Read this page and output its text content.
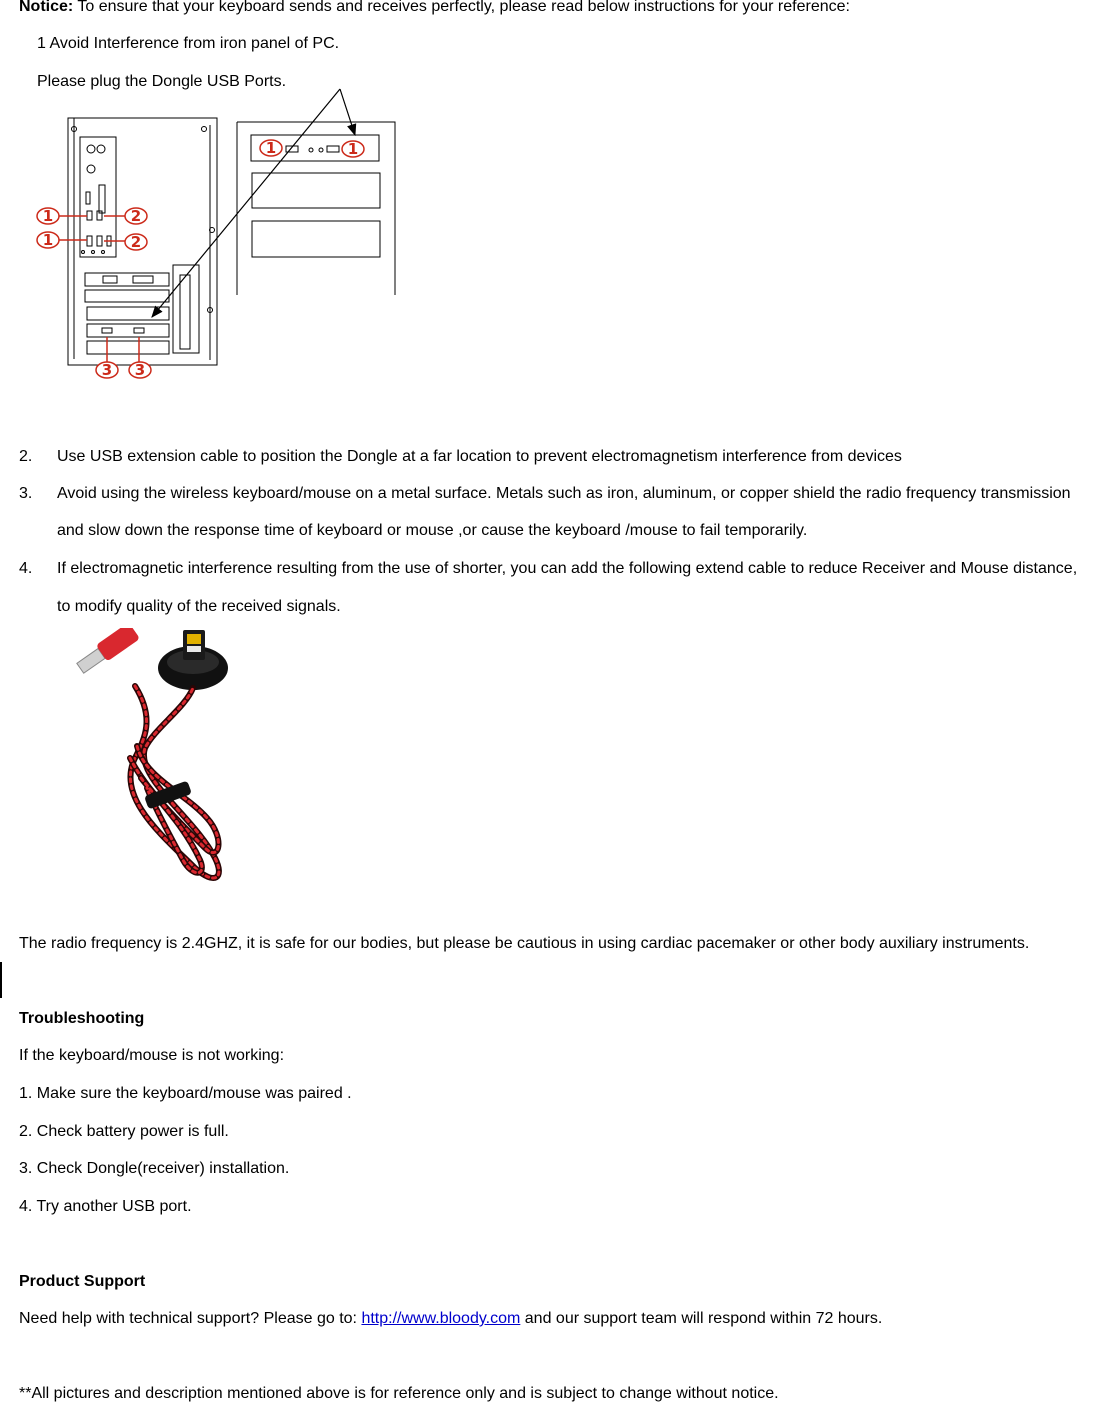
Notice: To ensure that your keyboard sends and receives perfectly, please read below instructions for your reference:
1 Avoid Interference from iron panel of PC.
Please plug the Dongle USB Ports.
1
1
2
2
3 3
1	1
2. Use USB extension cable to position the Dongle at a far location to prevent electromagnetism interference from devices
3. Avoid using the wireless keyboard/mouse on a metal surface. Metals such as iron, aluminum, or copper shield the radio frequency transmission
and slow down the response time of keyboard or mouse ,or cause the keyboard /mouse to fail temporarily.
4. If electromagnetic interference resulting from the use of shorter, you can add the following extend cable to reduce Receiver and Mouse distance,
to modify quality of the received signals.
The radio frequency is 2.4GHZ, it is safe for our bodies, but please be cautious in using cardiac pacemaker or other body auxiliary instruments.
Troubleshooting
If the keyboard/mouse is not working:
1. Make sure the keyboard/mouse was paired .
2. Check battery power is full.
3. Check Dongle(receiver) installation.
4. Try another USB port.
Product Support
Need help with technical support? Please go to: http://www.bloody.com and our support team will respond within 72 hours.
**All pictures and description mentioned above is for reference only and is subject to change without notice.
